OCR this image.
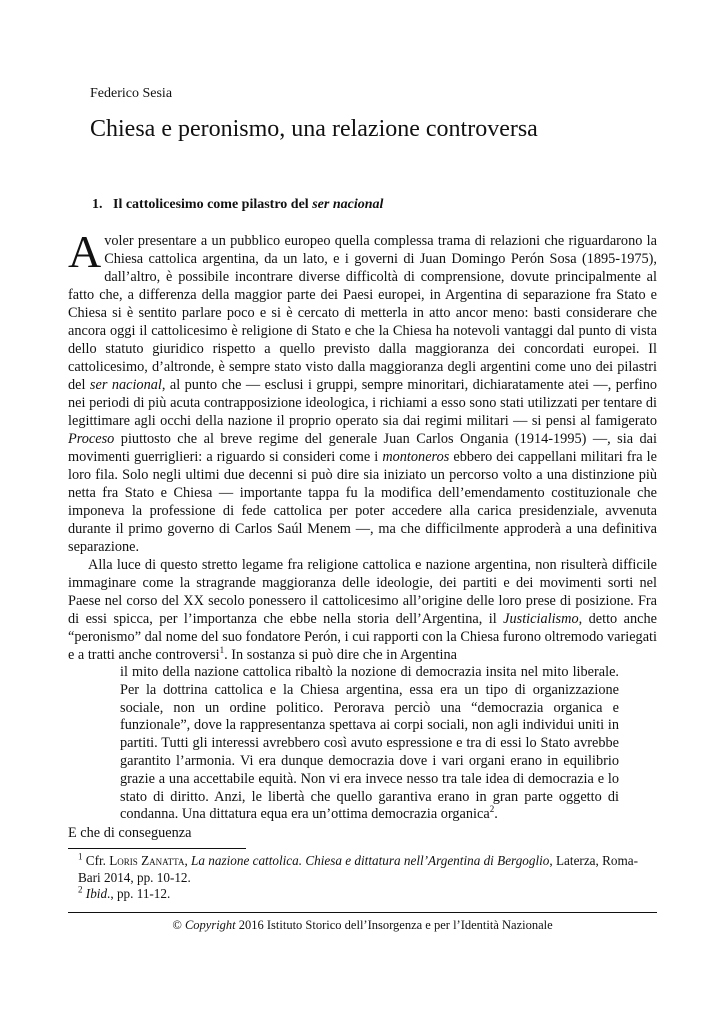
Federico Sesia
Chiesa e peronismo, una relazione controversa
1. Il cattolicesimo come pilastro del ser nacional

Avoler presentare a un pubblico europeo quella complessa trama di relazioni che riguardarono la Chiesa cattolica argentina, da un lato, e i governi di Juan Domingo Perón Sosa (1895-1975), dall’altro, è possibile incontrare diverse difficoltà di comprensione, dovute principalmente al fatto che, a differenza della maggior parte dei Paesi europei, in Argentina di separazione fra Stato e Chiesa si è sentito parlare poco e si è cercato di metterla in atto ancor meno: basti considerare che ancora oggi il cattolicesimo è religione di Stato e che la Chiesa ha notevoli vantaggi dal punto di vista dello statuto giuridico rispetto a quello previsto dalla maggioranza dei concordati europei. Il cattolicesimo, d’altronde, è sempre stato visto dalla maggioranza degli argentini come uno dei pilastri del ser nacional, al punto che — esclusi i gruppi, sempre minoritari, dichiaratamente atei —, perfino nei periodi di più acuta contrapposizione ideologica, i richiami a esso sono stati utilizzati per tentare di legittimare agli occhi della nazione il proprio operato sia dai regimi militari — si pensi al famigerato Proceso piuttosto che al breve regime del generale Juan Carlos Ongania (1914-1995) —, sia dai movimenti guerriglieri: a riguardo si consideri come i montoneros ebbero dei cappellani militari fra le loro fila. Solo negli ultimi due decenni si può dire sia iniziato un percorso volto a una distinzione più netta fra Stato e Chiesa — importante tappa fu la modifica dell’emendamento costituzionale che imponeva la professione di fede cattolica per poter accedere alla carica presidenziale, avvenuta durante il primo governo di Carlos Saúl Menem —, ma che difficilmente approderà a una definitiva separazione.

Alla luce di questo stretto legame fra religione cattolica e nazione argentina, non risulterà difficile immaginare come la stragrande maggioranza delle ideologie, dei partiti e dei movimenti sorti nel Paese nel corso del XX secolo ponessero il cattolicesimo all’origine delle loro prese di posizione. Fra di essi spicca, per l’importanza che ebbe nella storia dell’Argentina, il Justicialismo, detto anche “peronismo” dal nome del suo fondatore Perón, i cui rapporti con la Chiesa furono oltremodo variegati e a tratti anche controversi$^1$. In sostanza si può dire che in Argentina

il mito della nazione cattolica ribaltò la nozione di democrazia insita nel mito liberale. Per la dottrina cattolica e la Chiesa argentina, essa era un tipo di organizzazione sociale, non un ordine politico. Perorava perciò una “democrazia organica e funzionale”, dove la rappresentanza spettava ai corpi sociali, non agli individui uniti in partiti. Tutti gli interessi avrebbero così avuto espressione e tra di essi lo Stato avrebbe garantito l’armonia. Vi era dunque democrazia dove i vari organi erano in equilibrio grazie a una accettabile equità. Non vi era invece nesso tra tale idea di democrazia e lo stato di diritto. Anzi, le libertà che quello garantiva erano in gran parte oggetto di condanna. Una dittatura equa era un’ottima democrazia organica$^2$.

E che di conseguenza

$^1$ Cfr. Loris Zanatta, La nazione cattolica. Chiesa e dittatura nell’Argentina di Bergoglio, Laterza, Roma-Bari 2014, pp. 10-12.

$^2$ Ibid., pp. 11-12.

© Copyright 2016 Istituto Storico dell’Insorgenza e per l’Identità Nazionale
